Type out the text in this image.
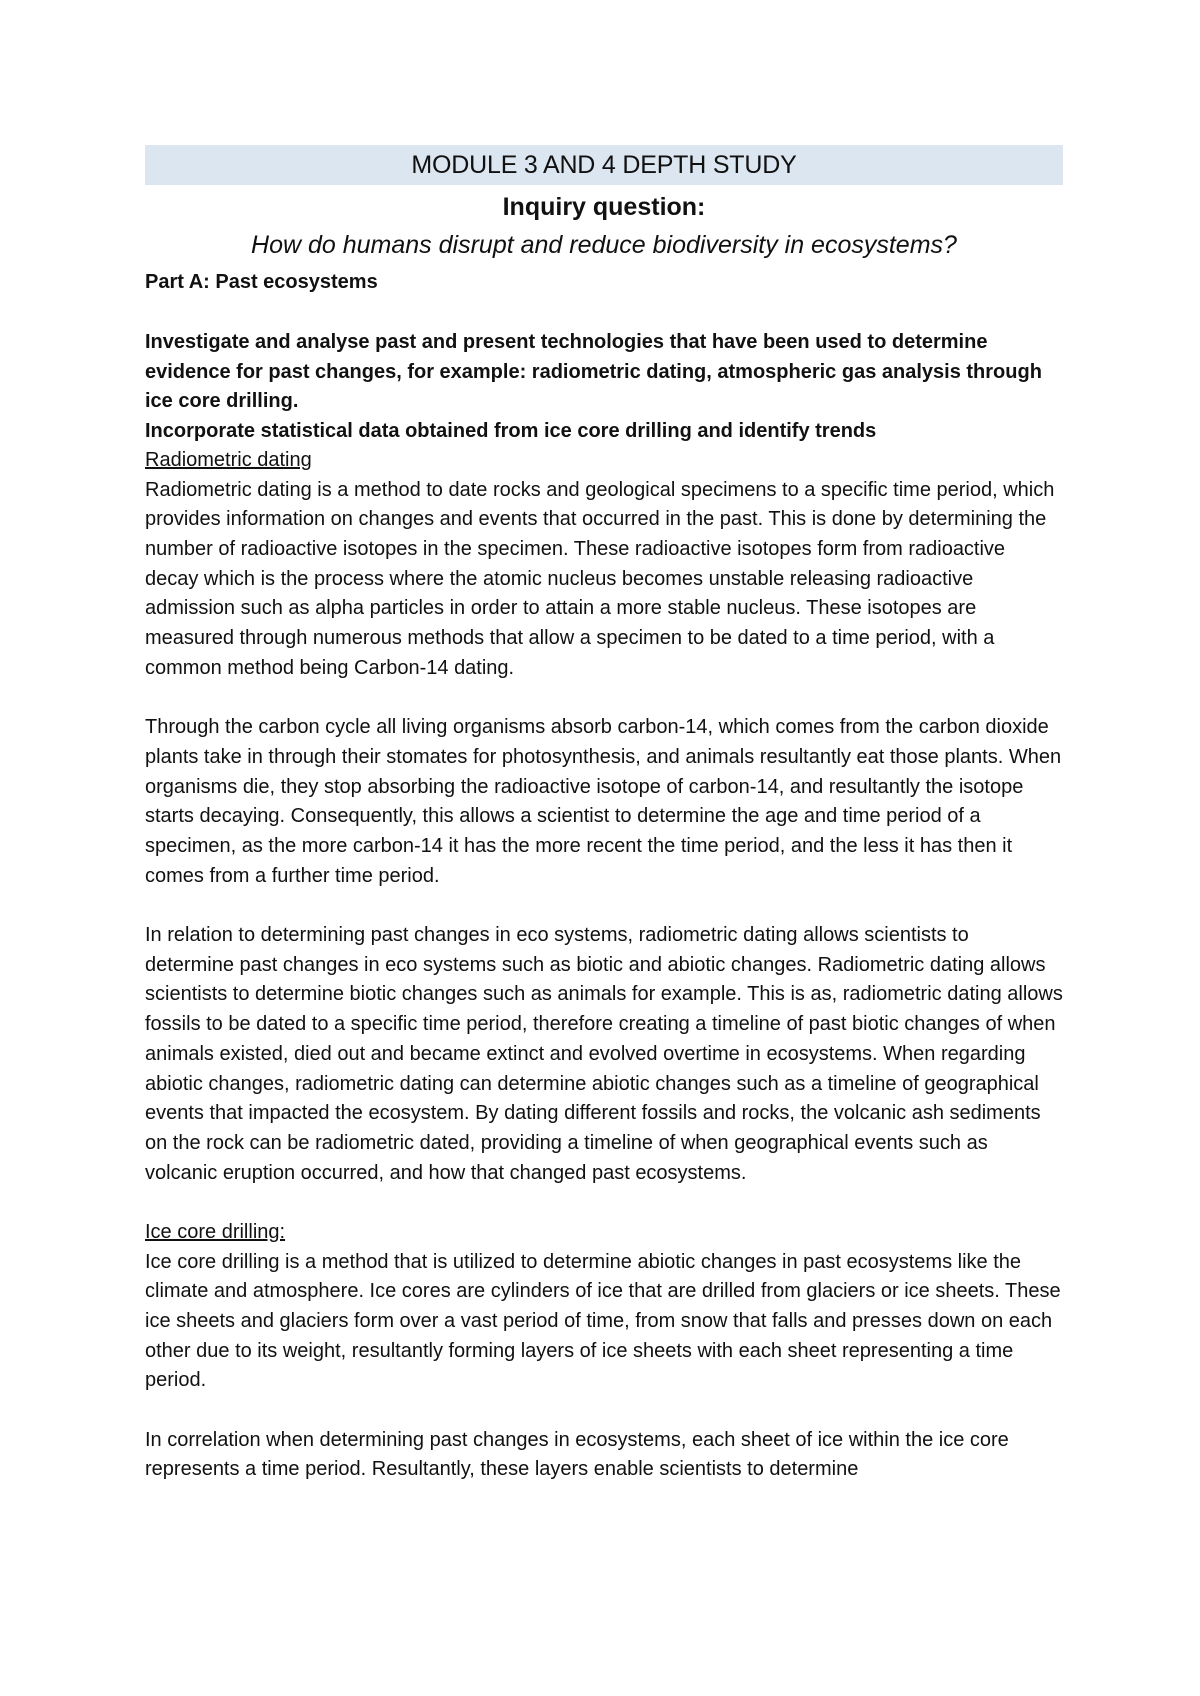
MODULE 3 AND 4 DEPTH STUDY
Inquiry question:
How do humans disrupt and reduce biodiversity in ecosystems?
Part A: Past ecosystems

Investigate and analyse past and present technologies that have been used to determine evidence for past changes, for example: radiometric dating, atmospheric gas analysis through ice core drilling.

Incorporate statistical data obtained from ice core drilling and identify trends

Radiometric dating

Radiometric dating is a method to date rocks and geological specimens to a specific time period, which provides information on changes and events that occurred in the past. This is done by determining the number of radioactive isotopes in the specimen. These radioactive isotopes form from radioactive decay which is the process where the atomic nucleus becomes unstable releasing radioactive admission such as alpha particles in order to attain a more stable nucleus. These isotopes are measured through numerous methods that allow a specimen to be dated to a time period, with a common method being Carbon-14 dating.

Through the carbon cycle all living organisms absorb carbon-14, which comes from the carbon dioxide plants take in through their stomates for photosynthesis, and animals resultantly eat those plants. When organisms die, they stop absorbing the radioactive isotope of carbon-14, and resultantly the isotope starts decaying. Consequently, this allows a scientist to determine the age and time period of a specimen, as the more carbon-14 it has the more recent the time period, and the less it has then it comes from a further time period.

In relation to determining past changes in eco systems, radiometric dating allows scientists to determine past changes in eco systems such as biotic and abiotic changes. Radiometric dating allows scientists to determine biotic changes such as animals for example. This is as, radiometric dating allows fossils to be dated to a specific time period, therefore creating a timeline of past biotic changes of when animals existed, died out and became extinct and evolved overtime in ecosystems. When regarding abiotic changes, radiometric dating can determine abiotic changes such as a timeline of geographical events that impacted the ecosystem. By dating different fossils and rocks, the volcanic ash sediments on the rock can be radiometric dated, providing a timeline of when geographical events such as volcanic eruption occurred, and how that changed past ecosystems.

Ice core drilling:

Ice core drilling is a method that is utilized to determine abiotic changes in past ecosystems like the climate and atmosphere. Ice cores are cylinders of ice that are drilled from glaciers or ice sheets. These ice sheets and glaciers form over a vast period of time, from snow that falls and presses down on each other due to its weight, resultantly forming layers of ice sheets with each sheet representing a time period.

In correlation when determining past changes in ecosystems, each sheet of ice within the ice core represents a time period. Resultantly, these layers enable scientists to determine
